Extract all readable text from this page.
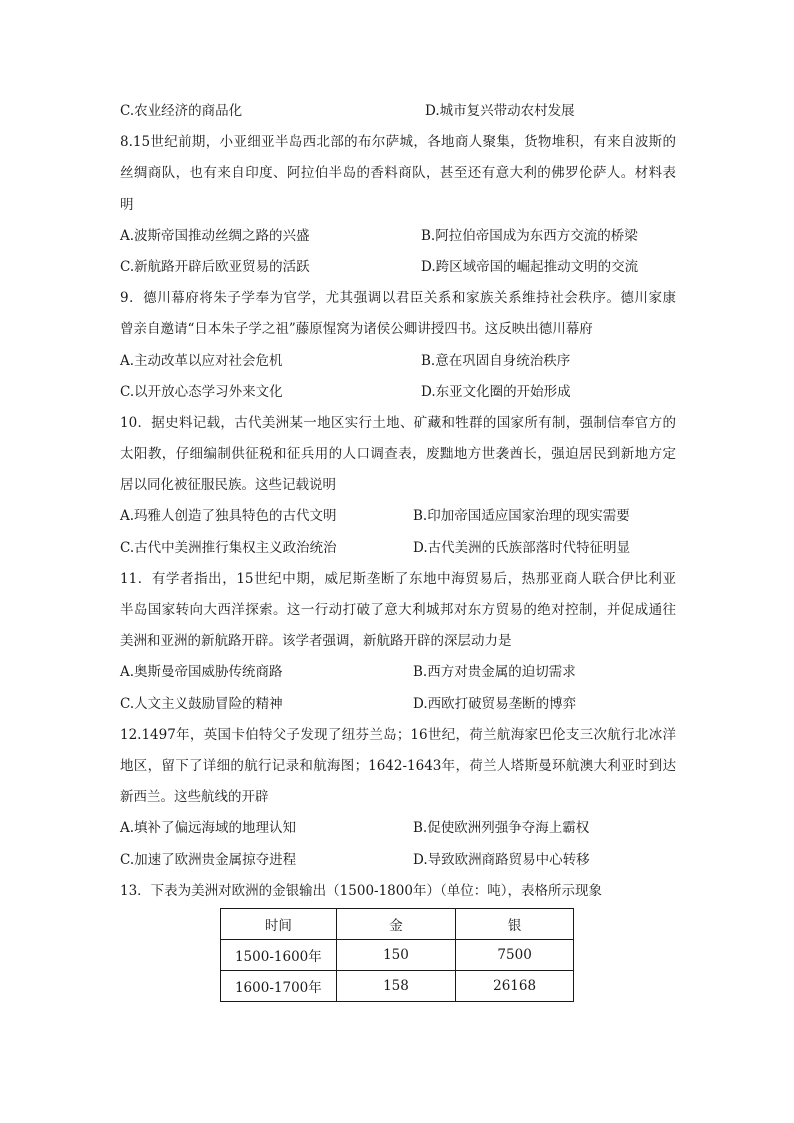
C.农业经济的商品化	D.城市复兴带动农村发展
8.15世纪前期，小亚细亚半岛西北部的布尔萨城，各地商人聚集，货物堆积，有来自波斯的
丝绸商队，也有来自印度、阿拉伯半岛的香料商队，甚至还有意大利的佛罗伦萨人。材料表
明
A.波斯帝国推动丝绸之路的兴盛	B.阿拉伯帝国成为东西方交流的桥梁
C.新航路开辟后欧亚贸易的活跃	D.跨区域帝国的崛起推动文明的交流
9．德川幕府将朱子学奉为官学，尤其强调以君臣关系和家族关系维持社会秩序。德川家康
曾亲自邀请“日本朱子学之祖”藤原惺窝为诸侯公卿讲授四书。这反映出德川幕府
A.主动改革以应对社会危机	B.意在巩固自身统治秩序
C.以开放心态学习外来文化	D.东亚文化圈的开始形成
10．据史料记载，古代美洲某一地区实行土地、矿藏和牲群的国家所有制，强制信奉官方的
太阳教，仔细编制供征税和征兵用的人口调查表，废黜地方世袭酋长，强迫居民到新地方定
居以同化被征服民族。这些记载说明
A.玛雅人创造了独具特色的古代文明	B.印加帝国适应国家治理的现实需要
C.古代中美洲推行集权主义政治统治	D.古代美洲的氏族部落时代特征明显
11．有学者指出，15世纪中期，威尼斯垄断了东地中海贸易后，热那亚商人联合伊比利亚
半岛国家转向大西洋探索。这一行动打破了意大利城邦对东方贸易的绝对控制，并促成通往
美洲和亚洲的新航路开辟。该学者强调，新航路开辟的深层动力是
A.奥斯曼帝国威胁传统商路	B.西方对贵金属的迫切需求
C.人文主义鼓励冒险的精神	D.西欧打破贸易垄断的博弈
12.1497年，英国卡伯特父子发现了纽芬兰岛；16世纪，荷兰航海家巴伦支三次航行北冰洋
地区，留下了详细的航行记录和航海图；1642-1643年，荷兰人塔斯曼环航澳大利亚时到达
新西兰。这些航线的开辟
A.填补了偏远海域的地理认知	B.促使欧洲列强争夺海上霸权
C.加速了欧洲贵金属掠夺进程	D.导致欧洲商路贸易中心转移
13．下表为美洲对欧洲的金银输出（1500-1800年）（单位：吨），表格所示现象
时间	金	银
1500-1600年	150	7500
1600-1700年	158	26168
